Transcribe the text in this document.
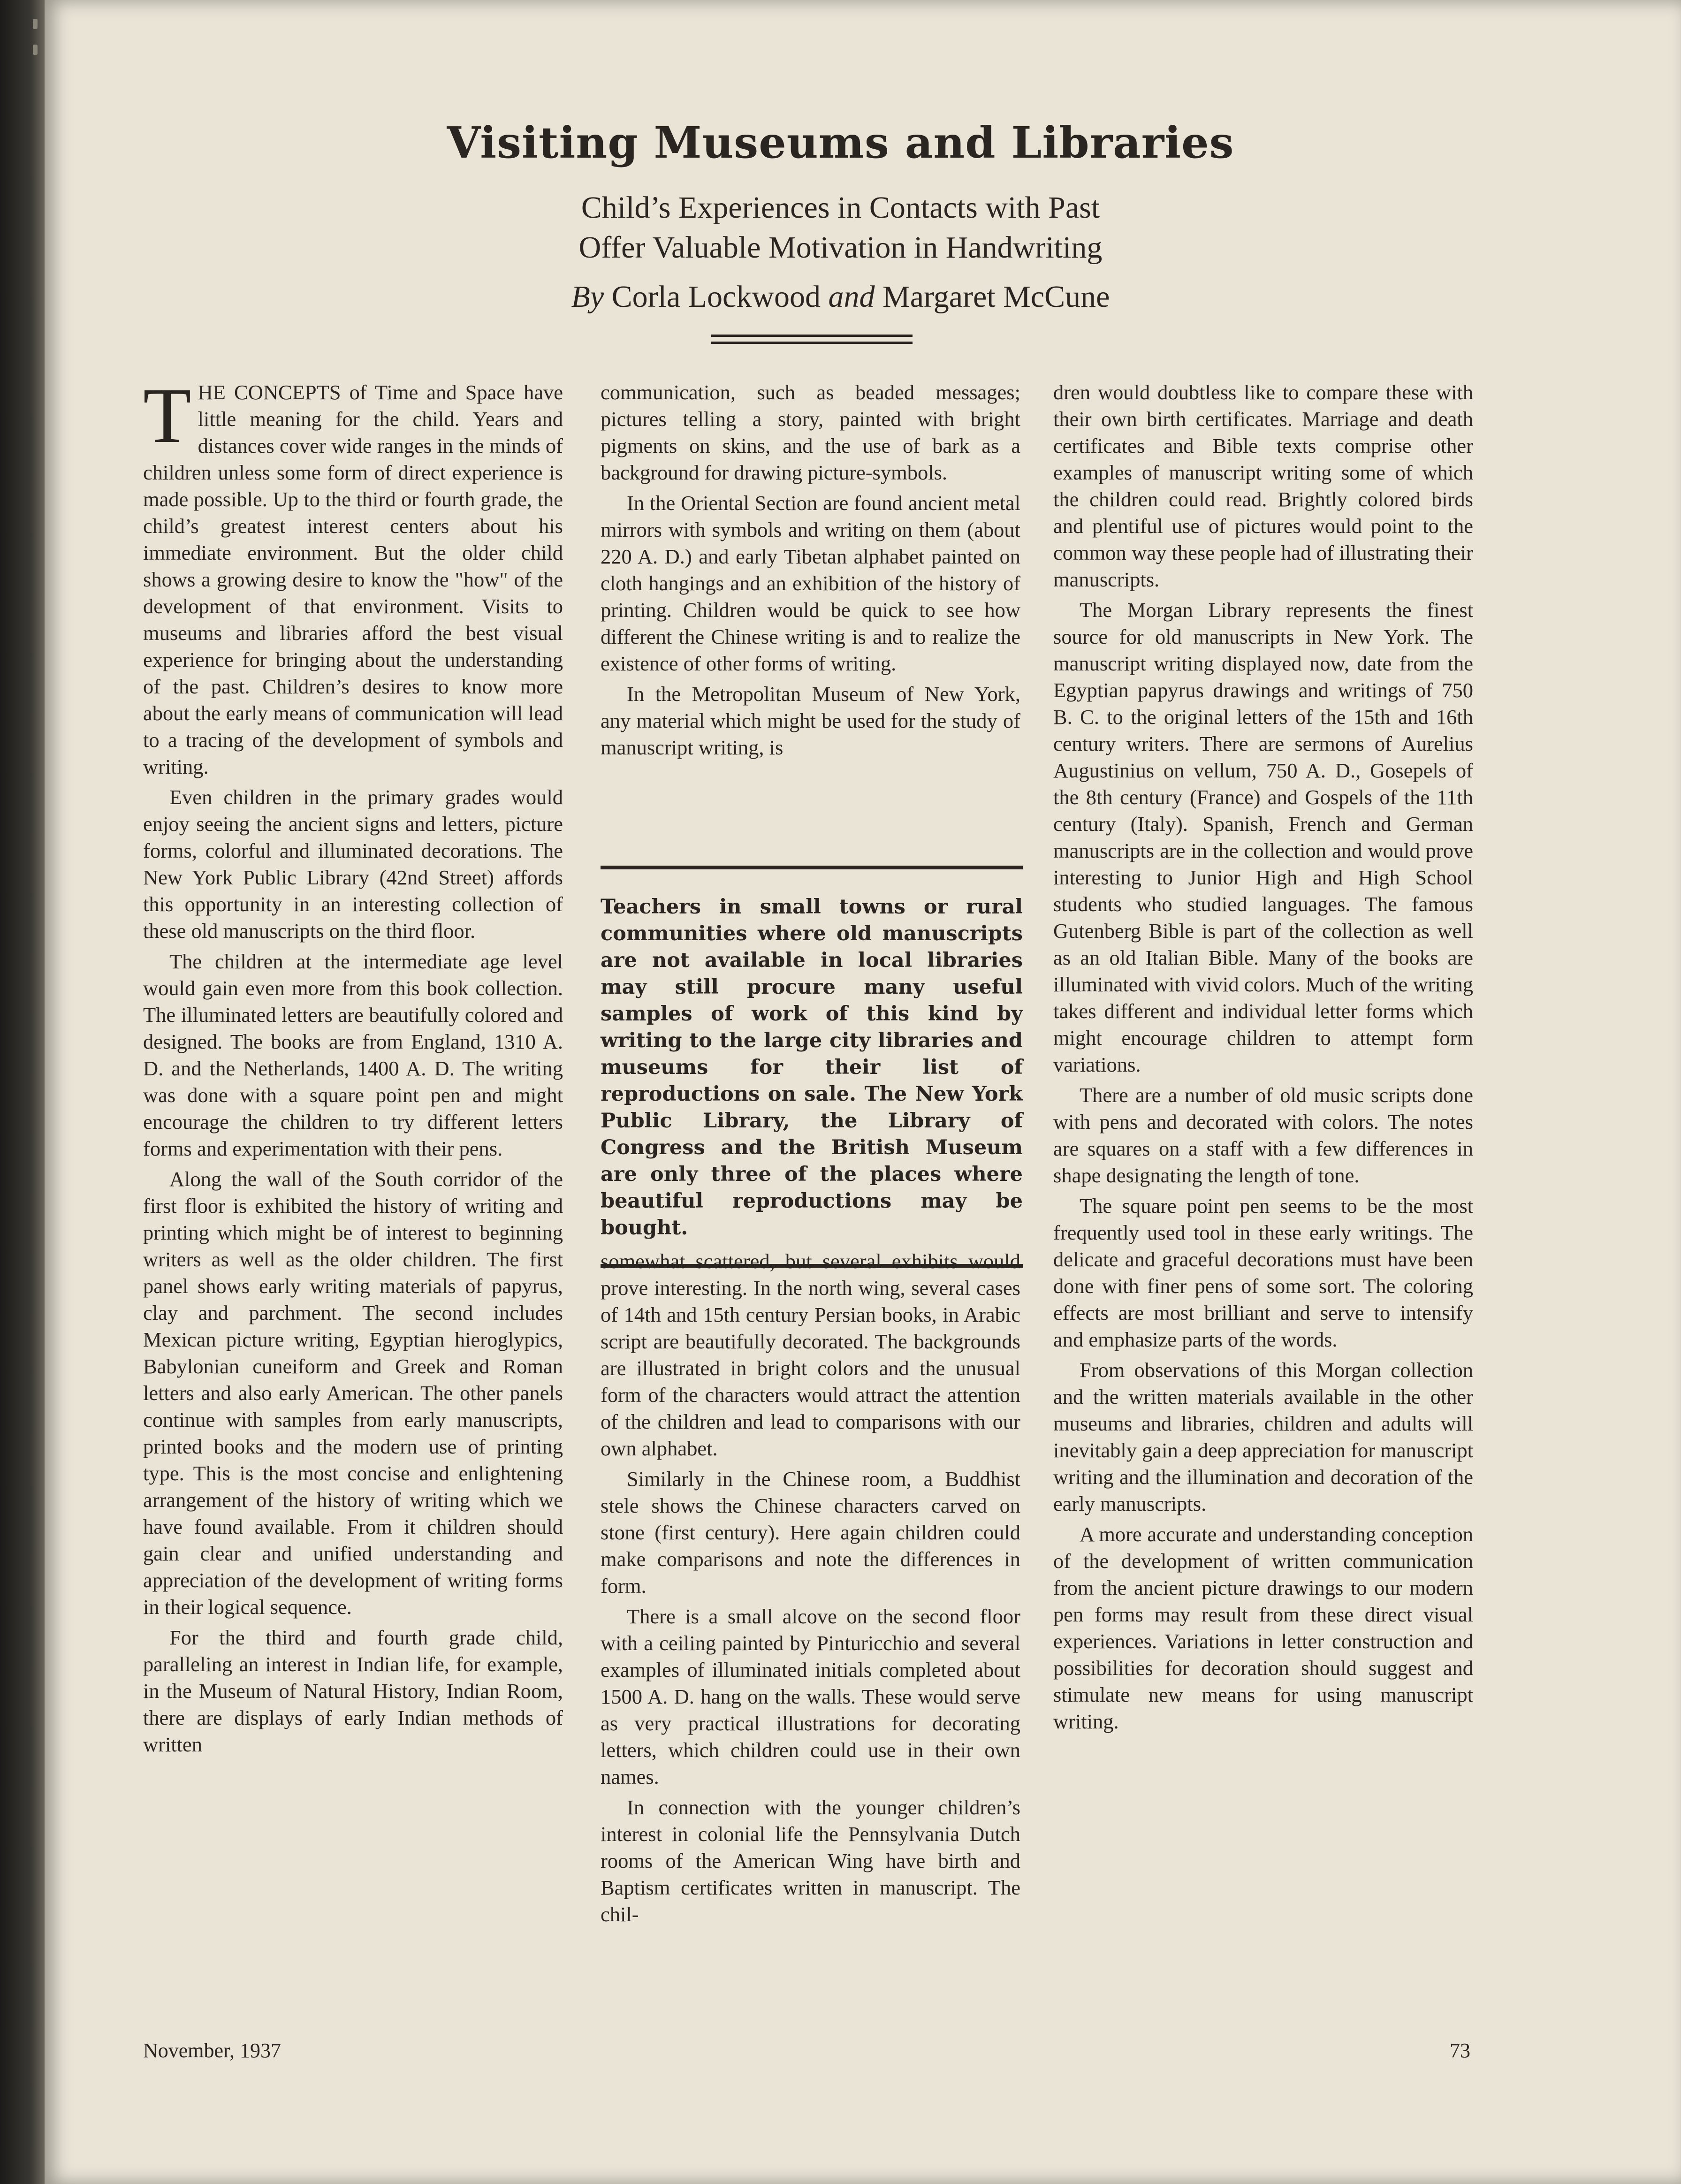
Visiting Museums and Libraries
Child’s Experiences in Contacts with Past
Offer Valuable Motivation in Handwriting
By Corla Lockwood and Margaret McCune

THE CONCEPTS of Time and Space have little meaning for the child. Years and distances cover wide ranges in the minds of children unless some form of direct experience is made possible. Up to the third or fourth grade, the child’s greatest interest centers about his immediate environment. But the older child shows a growing desire to know the "how" of the development of that environment. Visits to museums and libraries afford the best visual experience for bringing about the understanding of the past. Children’s desires to know more about the early means of communication will lead to a tracing of the development of symbols and writing.

Even children in the primary grades would enjoy seeing the ancient signs and letters, picture forms, colorful and illuminated decorations. The New York Public Library (42nd Street) affords this opportunity in an interesting collection of these old manuscripts on the third floor.

The children at the intermediate age level would gain even more from this book collection. The illuminated letters are beautifully colored and designed. The books are from England, 1310 A. D. and the Netherlands, 1400 A. D. The writing was done with a square point pen and might encourage the children to try different letters forms and experimentation with their pens.

Along the wall of the South corridor of the first floor is exhibited the history of writing and printing which might be of interest to beginning writers as well as the older children. The first panel shows early writing materials of papyrus, clay and parchment. The second includes Mexican picture writing, Egyptian hieroglypics, Babylonian cuneiform and Greek and Roman letters and also early American. The other panels continue with samples from early manuscripts, printed books and the modern use of printing type. This is the most concise and enlightening arrangement of the history of writing which we have found available. From it children should gain clear and unified understanding and appreciation of the development of writing forms in their logical sequence.

For the third and fourth grade child, paralleling an interest in Indian life, for example, in the Museum of Natural History, Indian Room, there are displays of early Indian methods of written

communication, such as beaded messages; pictures telling a story, painted with bright pigments on skins, and the use of bark as a background for drawing picture-symbols.

In the Oriental Section are found ancient metal mirrors with symbols and writing on them (about 220 A. D.) and early Tibetan alphabet painted on cloth hangings and an exhibition of the history of printing. Children would be quick to see how different the Chinese writing is and to realize the existence of other forms of writing.

In the Metropolitan Museum of New York, any material which might be used for the study of manuscript writing, is

Teachers in small towns or rural communities where old manuscripts are not available in local libraries may still procure many useful samples of work of this kind by writing to the large city libraries and museums for their list of reproductions on sale. The New York Public Library, the Library of Congress and the British Museum are only three of the places where beautiful reproductions may be bought.

somewhat scattered, but several exhibits would prove interesting. In the north wing, several cases of 14th and 15th century Persian books, in Arabic script are beautifully decorated. The backgrounds are illustrated in bright colors and the unusual form of the characters would attract the attention of the children and lead to comparisons with our own alphabet.

Similarly in the Chinese room, a Buddhist stele shows the Chinese characters carved on stone (first century). Here again children could make comparisons and note the differences in form.

There is a small alcove on the second floor with a ceiling painted by Pinturicchio and several examples of illuminated initials completed about 1500 A. D. hang on the walls. These would serve as very practical illustrations for decorating letters, which children could use in their own names.

In connection with the younger children’s interest in colonial life the Pennsylvania Dutch rooms of the American Wing have birth and Baptism certificates written in manuscript. The chil-

dren would doubtless like to compare these with their own birth certificates. Marriage and death certificates and Bible texts comprise other examples of manuscript writing some of which the children could read. Brightly colored birds and plentiful use of pictures would point to the common way these people had of illustrating their manuscripts.

The Morgan Library represents the finest source for old manuscripts in New York. The manuscript writing displayed now, date from the Egyptian papyrus drawings and writings of 750 B. C. to the original letters of the 15th and 16th century writers. There are sermons of Aurelius Augustinius on vellum, 750 A. D., Gosepels of the 8th century (France) and Gospels of the 11th century (Italy). Spanish, French and German manuscripts are in the collection and would prove interesting to Junior High and High School students who studied languages. The famous Gutenberg Bible is part of the collection as well as an old Italian Bible. Many of the books are illuminated with vivid colors. Much of the writing takes different and individual letter forms which might encourage children to attempt form variations.

There are a number of old music scripts done with pens and decorated with colors. The notes are squares on a staff with a few differences in shape designating the length of tone.

The square point pen seems to be the most frequently used tool in these early writings. The delicate and graceful decorations must have been done with finer pens of some sort. The coloring effects are most brilliant and serve to intensify and emphasize parts of the words.

From observations of this Morgan collection and the written materials available in the other museums and libraries, children and adults will inevitably gain a deep appreciation for manuscript writing and the illumination and decoration of the early manuscripts.

A more accurate and understanding conception of the development of written communication from the ancient picture drawings to our modern pen forms may result from these direct visual experiences. Variations in letter construction and possibilities for decoration should suggest and stimulate new means for using manuscript writing.

November, 1937	73
